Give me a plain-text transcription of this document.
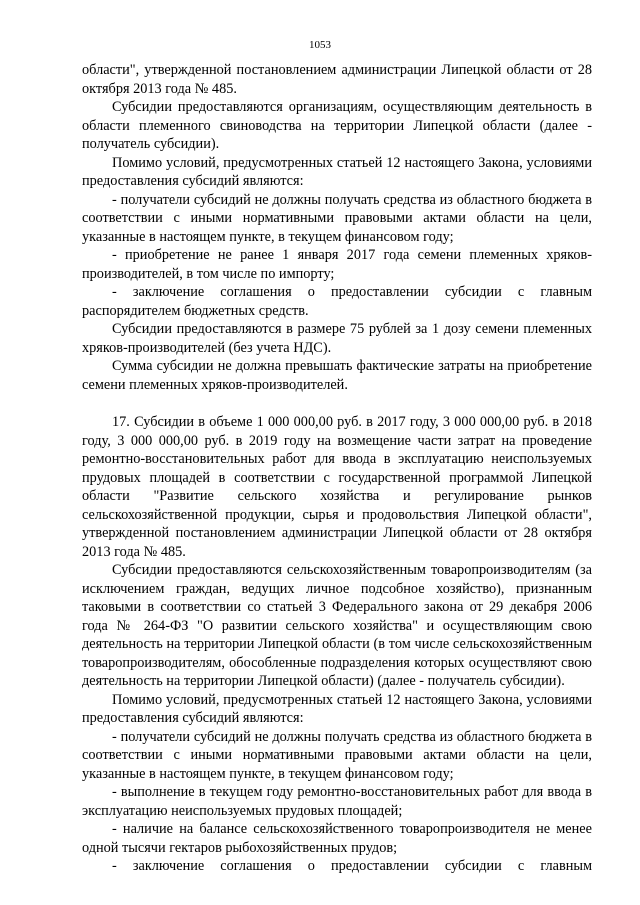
1053

области", утвержденной постановлением администрации Липецкой области от 28 октября 2013 года № 485.

Субсидии предоставляются организациям, осуществляющим деятельность в области племенного свиноводства на территории Липецкой области (далее - получатель субсидии).

Помимо условий, предусмотренных статьей 12 настоящего Закона, условиями предоставления субсидий являются:

- получатели субсидий не должны получать средства из областного бюджета в соответствии с иными нормативными правовыми актами области на цели, указанные в настоящем пункте, в текущем финансовом году;

- приобретение не ранее 1 января 2017 года семени племенных хряков-производителей, в том числе по импорту;

- заключение соглашения о предоставлении субсидии с главным распорядителем бюджетных средств.

Субсидии предоставляются в размере 75 рублей за 1 дозу семени племенных хряков-производителей (без учета НДС).

Сумма субсидии не должна превышать фактические затраты на приобретение семени племенных хряков-производителей.

17. Субсидии в объеме 1 000 000,00 руб. в 2017 году, 3 000 000,00 руб. в 2018 году, 3 000 000,00 руб. в 2019 году на возмещение части затрат на проведение ремонтно-восстановительных работ для ввода в эксплуатацию неиспользуемых прудовых площадей в соответствии с государственной программой Липецкой области "Развитие сельского хозяйства и регулирование рынков сельскохозяйственной продукции, сырья и продовольствия Липецкой области", утвержденной постановлением администрации Липецкой области от 28 октября 2013 года № 485.

Субсидии предоставляются сельскохозяйственным товаропроизводителям (за исключением граждан, ведущих личное подсобное хозяйство), признанным таковыми в соответствии со статьей 3 Федерального закона от 29 декабря 2006 года № 264-ФЗ "О развитии сельского хозяйства" и осуществляющим свою деятельность на территории Липецкой области (в том числе сельскохозяйственным товаропроизводителям, обособленные подразделения которых осуществляют свою деятельность на территории Липецкой области) (далее - получатель субсидии).

Помимо условий, предусмотренных статьей 12 настоящего Закона, условиями предоставления субсидий являются:

- получатели субсидий не должны получать средства из областного бюджета в соответствии с иными нормативными правовыми актами области на цели, указанные в настоящем пункте, в текущем финансовом году;

- выполнение в текущем году ремонтно-восстановительных работ для ввода в эксплуатацию неиспользуемых прудовых площадей;

- наличие на балансе сельскохозяйственного товаропроизводителя не менее одной тысячи гектаров рыбохозяйственных прудов;

- заключение соглашения о предоставлении субсидии с главным
